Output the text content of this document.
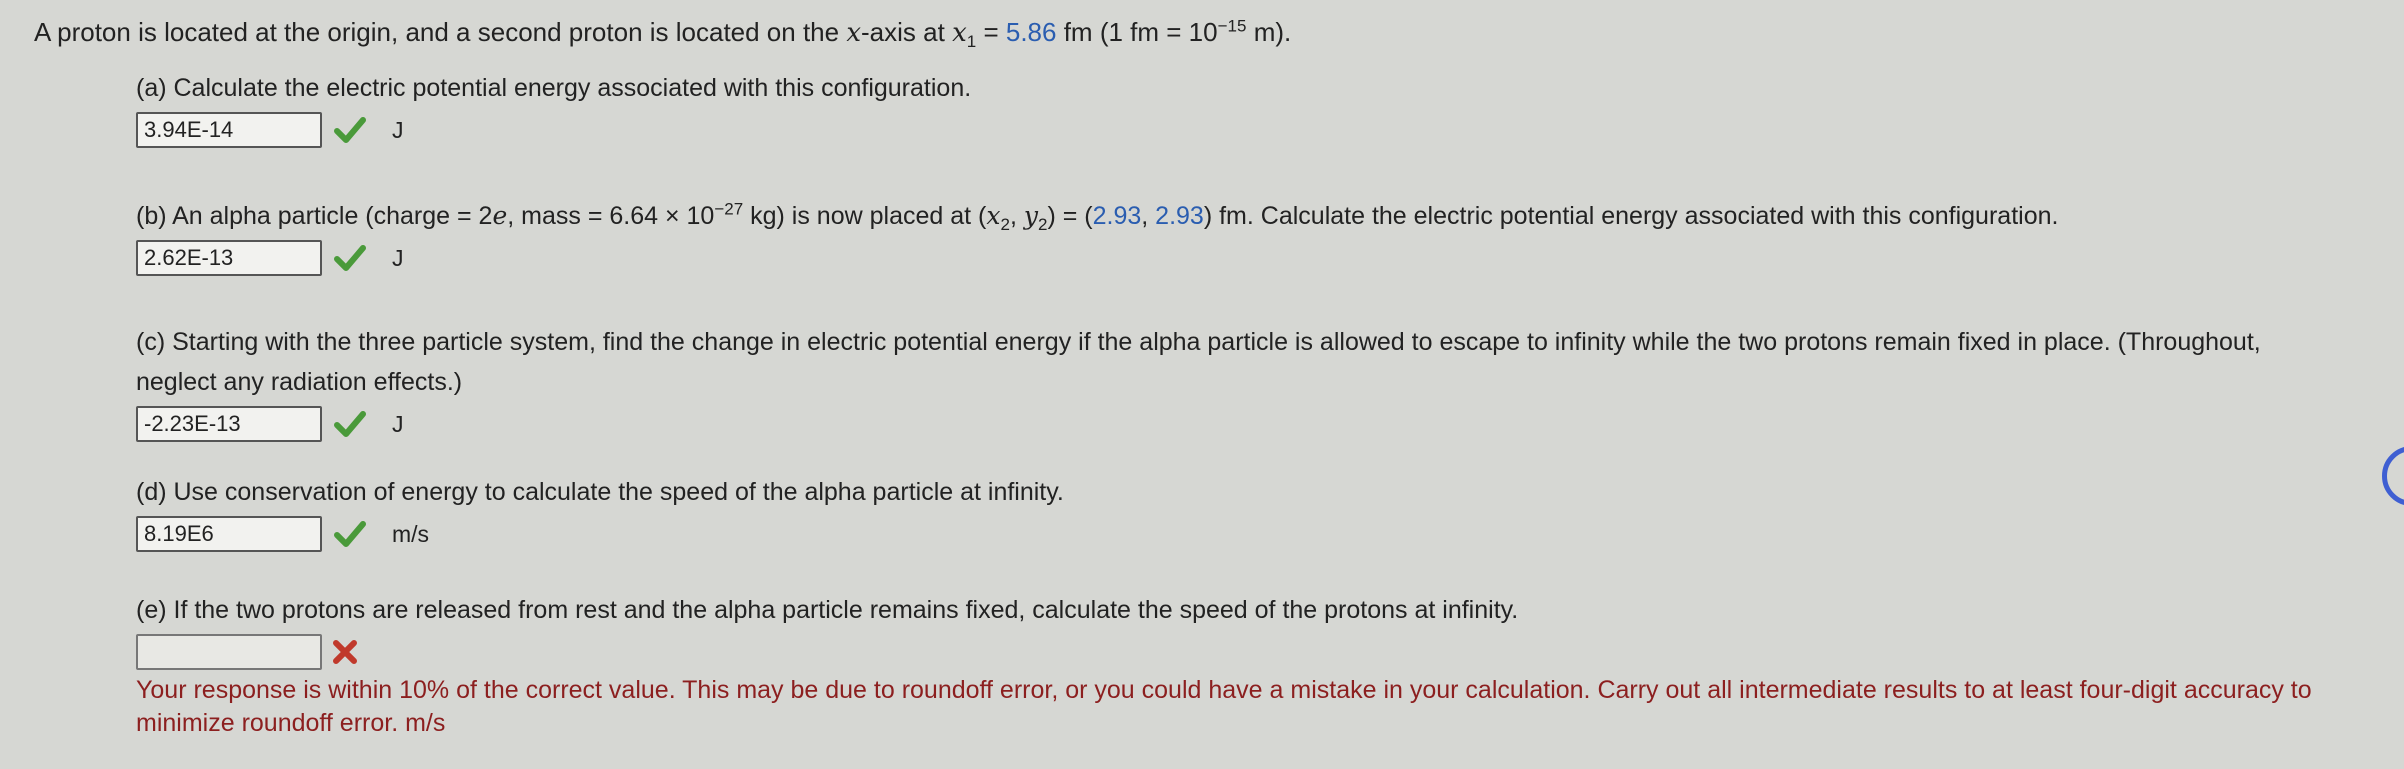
A proton is located at the origin, and a second proton is located on the x-axis at $x_1 = 5.86$ fm (1 fm = $10^{-15}$ m).
(a) Calculate the electric potential energy associated with this configuration.
3.94E-14
J
(b) An alpha particle (charge = 2e, mass = $6.64 \times 10^{-27}$ kg) is now placed at ($x_2$, $y_2) = (2.93$, 2.93) fm. Calculate the electric potential energy associated with this configuration.
2.62E-13
J
(c) Starting with the three particle system, find the change in electric potential energy if the alpha particle is allowed to escape to infinity while the two protons remain fixed in place. (Throughout, neglect any radiation effects.)
-2.23E-13
J
(d) Use conservation of energy to calculate the speed of the alpha particle at infinity.
8.19E6
m/s
(e) If the two protons are released from rest and the alpha particle remains fixed, calculate the speed of the protons at infinity.
Your response is within 10% of the correct value. This may be due to roundoff error, or you could have a mistake in your calculation. Carry out all intermediate results to at least four-digit accuracy to minimize roundoff error. m/s
